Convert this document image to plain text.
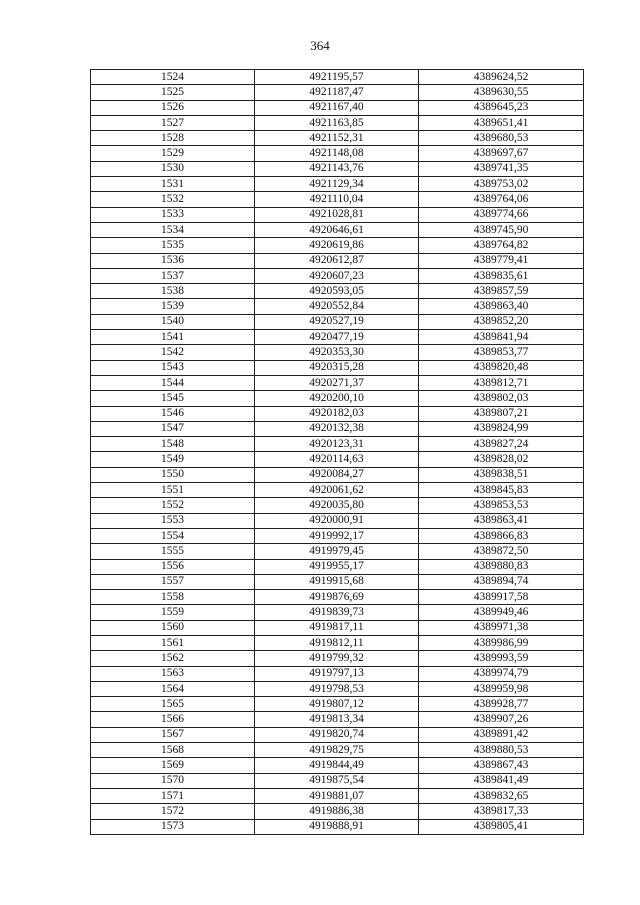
364
1524	4921195,57	4389624,52
1525	4921187,47	4389630,55
1526	4921167,40	4389645,23
1527	4921163,85	4389651,41
1528	4921152,31	4389680,53
1529	4921148,08	4389697,67
1530	4921143,76	4389741,35
1531	4921129,34	4389753,02
1532	4921110,04	4389764,06
1533	4921028,81	4389774,66
1534	4920646,61	4389745,90
1535	4920619,86	4389764,82
1536	4920612,87	4389779,41
1537	4920607,23	4389835,61
1538	4920593,05	4389857,59
1539	4920552,84	4389863,40
1540	4920527,19	4389852,20
1541	4920477,19	4389841,94
1542	4920353,30	4389853,77
1543	4920315,28	4389820,48
1544	4920271,37	4389812,71
1545	4920200,10	4389802,03
1546	4920182,03	4389807,21
1547	4920132,38	4389824,99
1548	4920123,31	4389827,24
1549	4920114,63	4389828,02
1550	4920084,27	4389838,51
1551	4920061,62	4389845,83
1552	4920035,80	4389853,53
1553	4920000,91	4389863,41
1554	4919992,17	4389866,83
1555	4919979,45	4389872,50
1556	4919955,17	4389880,83
1557	4919915,68	4389894,74
1558	4919876,69	4389917,58
1559	4919839,73	4389949,46
1560	4919817,11	4389971,38
1561	4919812,11	4389986,99
1562	4919799,32	4389993,59
1563	4919797,13	4389974,79
1564	4919798,53	4389959,98
1565	4919807,12	4389928,77
1566	4919813,34	4389907,26
1567	4919820,74	4389891,42
1568	4919829,75	4389880,53
1569	4919844,49	4389867,43
1570	4919875,54	4389841,49
1571	4919881,07	4389832,65
1572	4919886,38	4389817,33
1573	4919888,91	4389805,41
